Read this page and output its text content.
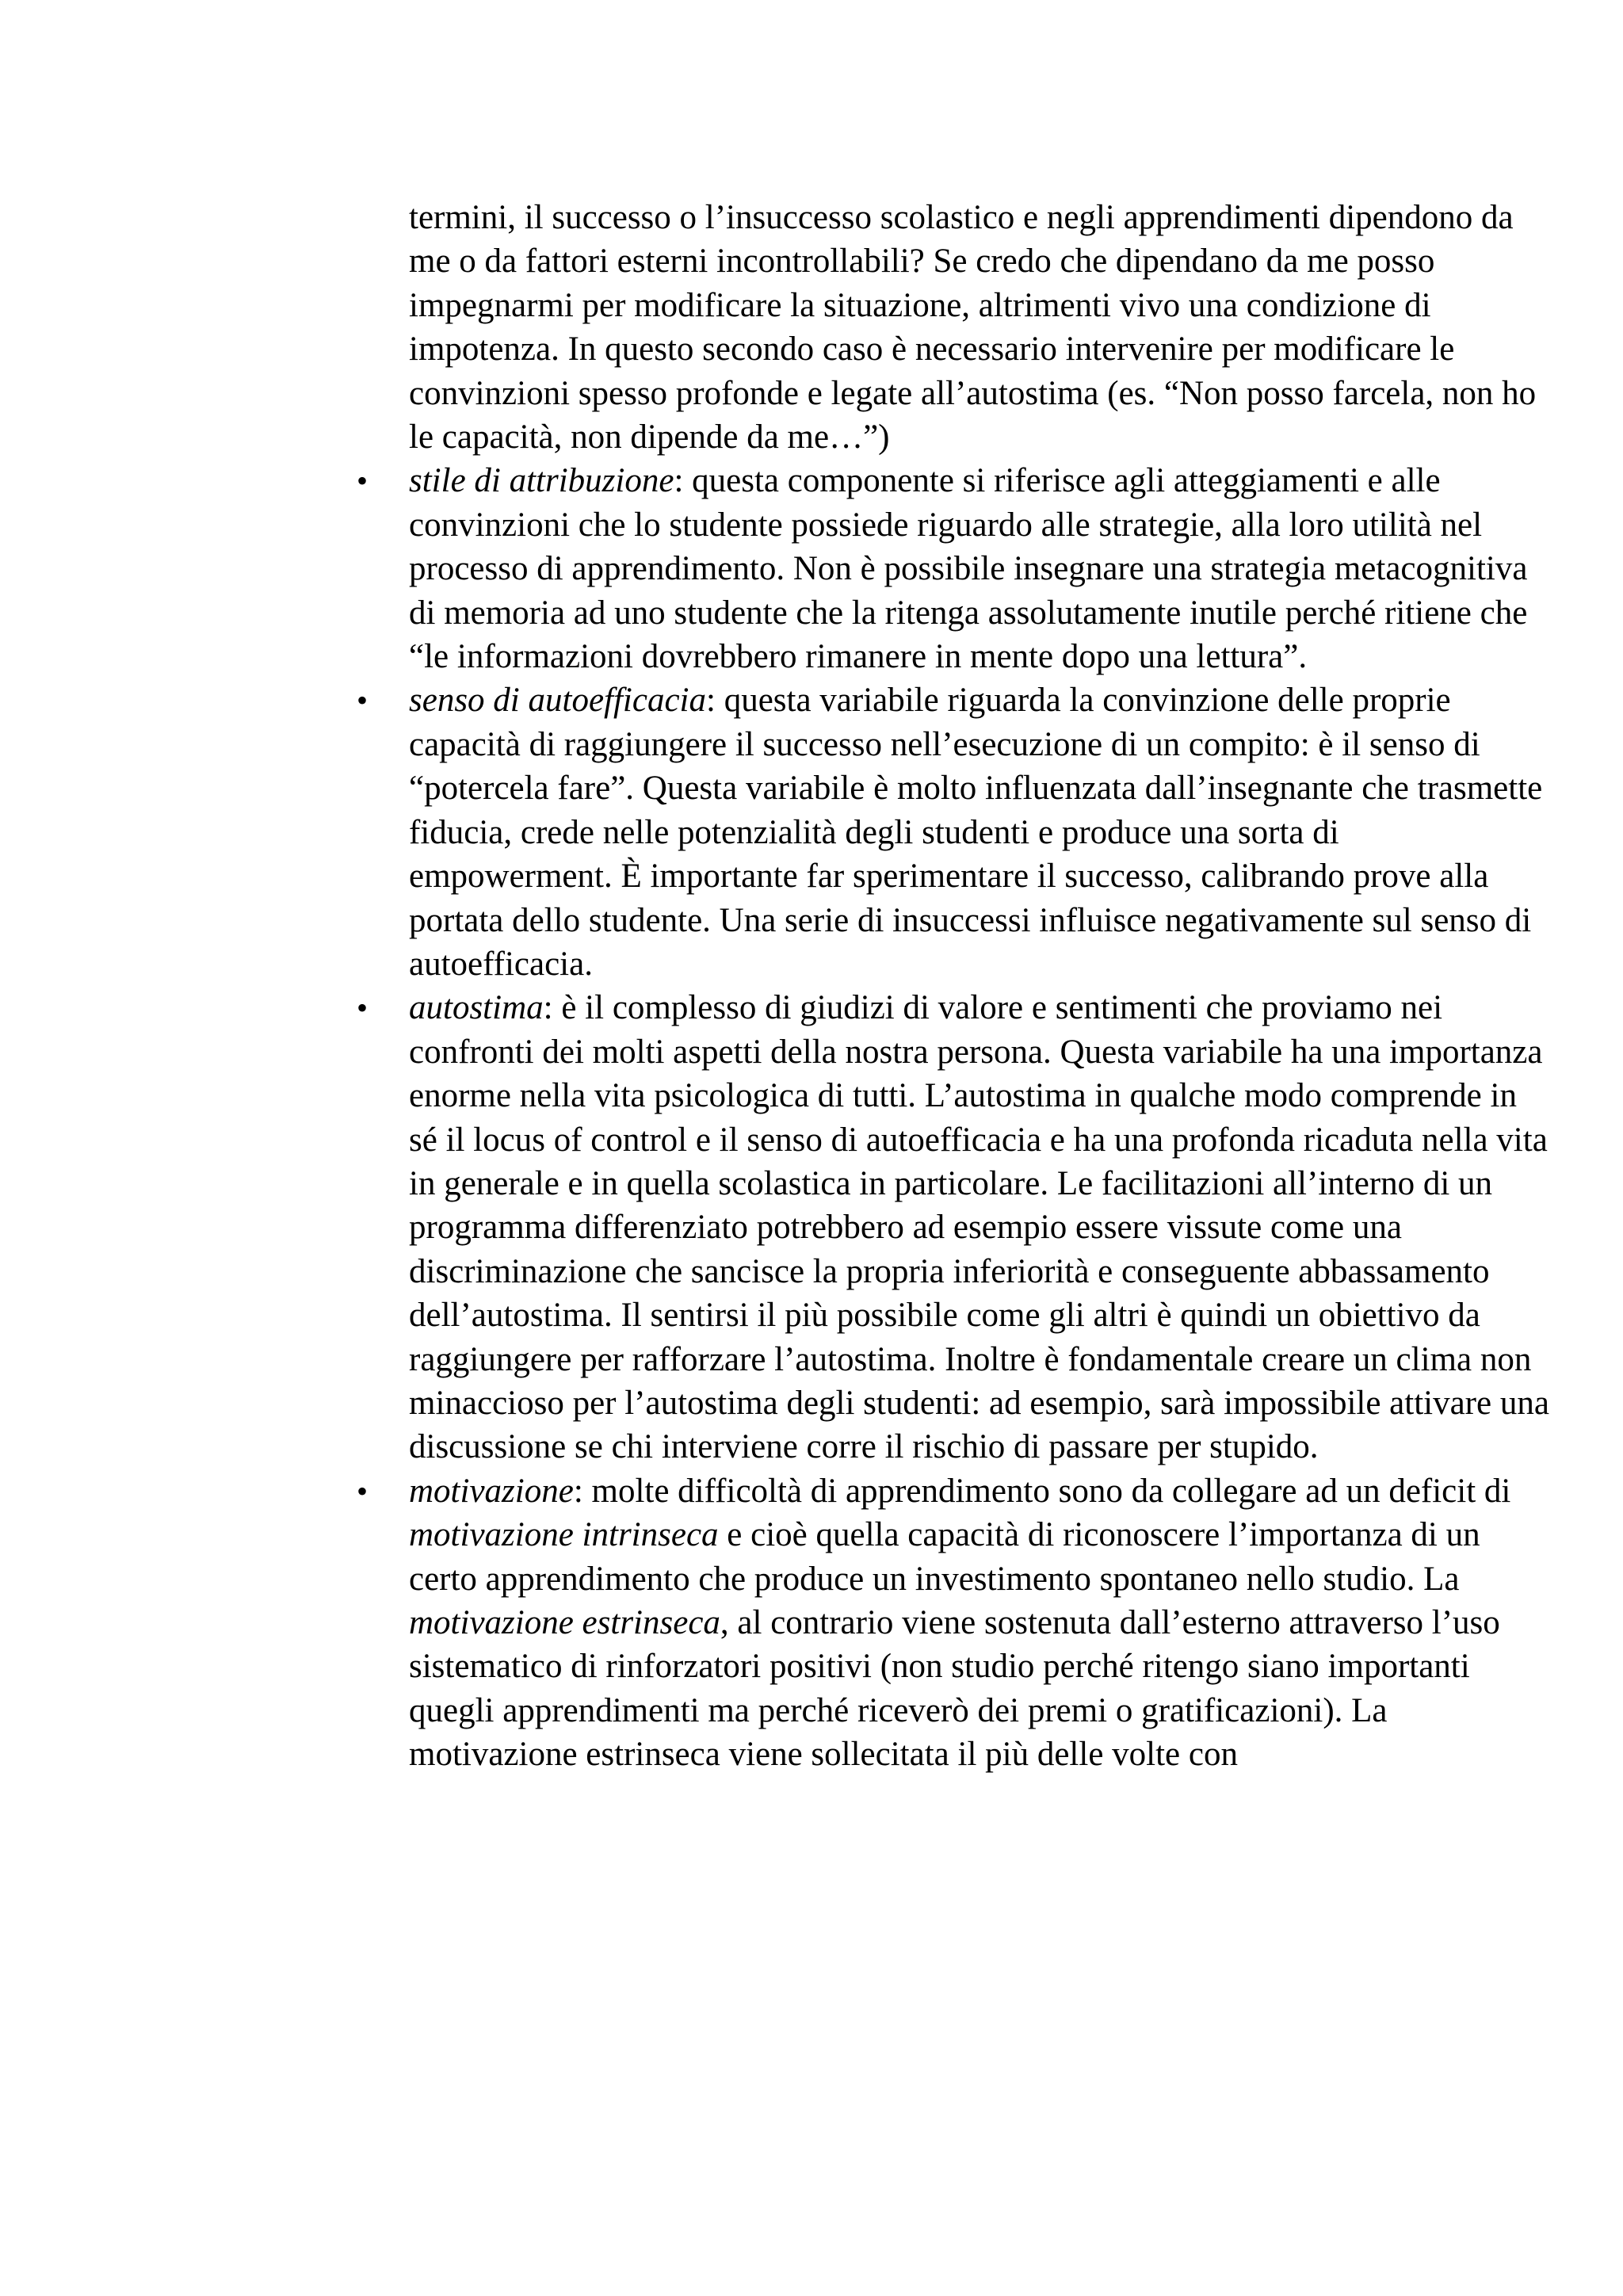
termini, il successo o l’insuccesso scolastico e negli apprendimenti dipendono da me o da fattori esterni incontrollabili? Se credo che dipendano da me posso impegnarmi per modificare la situazione, altrimenti vivo una condizione di impotenza. In questo secondo caso è necessario intervenire per modificare le convinzioni spesso profonde e legate all’autostima (es. “Non posso farcela, non ho le capacità, non dipende da me…”)

• stile di attribuzione: questa componente si riferisce agli atteggiamenti e alle convinzioni che lo studente possiede riguardo alle strategie, alla loro utilità nel processo di apprendimento. Non è possibile insegnare una strategia metacognitiva di memoria ad uno studente che la ritenga assolutamente inutile perché ritiene che “le informazioni dovrebbero rimanere in mente dopo una lettura”.
• senso di autoefficacia: questa variabile riguarda la convinzione delle proprie capacità di raggiungere il successo nell’esecuzione di un compito: è il senso di “potercela fare”. Questa variabile è molto influenzata dall’insegnante che trasmette fiducia, crede nelle potenzialità degli studenti e produce una sorta di empowerment. È importante far sperimentare il successo, calibrando prove alla portata dello studente. Una serie di insuccessi influisce negativamente sul senso di autoefficacia.
• autostima: è il complesso di giudizi di valore e sentimenti che proviamo nei confronti dei molti aspetti della nostra persona. Questa variabile ha una importanza enorme nella vita psicologica di tutti. L’autostima in qualche modo comprende in sé il locus of control e il senso di autoefficacia e ha una profonda ricaduta nella vita in generale e in quella scolastica in particolare. Le facilitazioni all’interno di un programma differenziato potrebbero ad esempio essere vissute come una discriminazione che sancisce la propria inferiorità e conseguente abbassamento dell’autostima. Il sentirsi il più possibile come gli altri è quindi un obiettivo da raggiungere per rafforzare l’autostima. Inoltre è fondamentale creare un clima non minaccioso per l’autostima degli studenti: ad esempio, sarà impossibile attivare una discussione se chi interviene corre il rischio di passare per stupido.
• motivazione: molte difficoltà di apprendimento sono da collegare ad un deficit di motivazione intrinseca e cioè quella capacità di riconoscere l’importanza di un certo apprendimento che produce un investimento spontaneo nello studio. La motivazione estrinseca, al contrario viene sostenuta dall’esterno attraverso l’uso sistematico di rinforzatori positivi (non studio perché ritengo siano importanti quegli apprendimenti ma perché riceverò dei premi o gratificazioni). La motivazione estrinseca viene sollecitata il più delle volte con
